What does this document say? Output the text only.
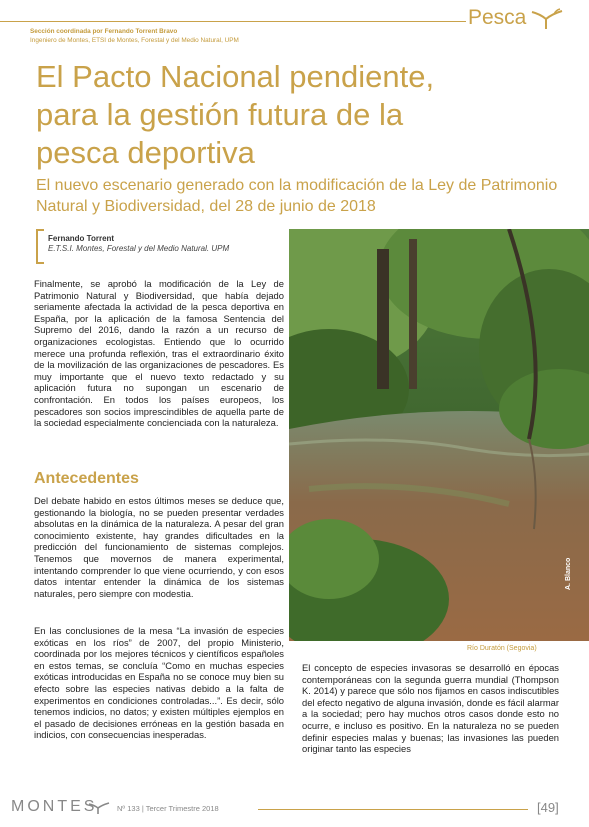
Sección coordinada por Fernando Torrent Bravo
Ingeniero de Montes, ETSI de Montes, Forestal y del Medio Natural, UPM
Pesca
El Pacto Nacional pendiente,
para la gestión futura de la
pesca deportiva
El nuevo escenario generado con la modificación de la Ley de Patrimonio Natural y Biodiversidad, del 28 de junio de 2018
Fernando Torrent
E.T.S.I. Montes, Forestal y del Medio Natural. UPM

Finalmente, se aprobó la modificación de la Ley de Patrimonio Natural y Biodiversidad, que había dejado seriamente afectada la actividad de la pesca deportiva en España, por la aplicación de la famosa Sentencia del Supremo del 2016, dando la razón a un recurso de organizaciones ecologistas. Entiendo que lo ocurrido merece una profunda reflexión, tras el extraordinario éxito de la movilización de las organizaciones de pescadores. Es muy importante que el nuevo texto redactado y su aplicación futura no supongan un escenario de confrontación. En todos los países europeos, los pescadores son socios imprescindibles de aquella parte de la sociedad especialmente concienciada con la naturaleza.

Antecedentes

Del debate habido en estos últimos meses se deduce que, gestionando la biología, no se pueden presentar verdades absolutas en la dinámica de la naturaleza. A pesar del gran conocimiento existente, hay grandes dificultades en la predicción del funcionamiento de sistemas complejos. Tenemos que movernos de manera experimental, intentando comprender lo que viene ocurriendo, y con esos datos intentar entender la dinámica de los sistemas naturales, pero siempre con modestia.

En las conclusiones de la mesa “La invasión de especies exóticas en los ríos” de 2007, del propio Ministerio, coordinada por los mejores técnicos y científicos españoles en estos temas, se concluía “Como en muchas especies exóticas introducidas en España no se conoce muy bien su efecto sobre las especies nativas debido a la falta de experimentos en condiciones controladas...”. Es decir, sólo tenemos indicios, no datos; y existen múltiples ejemplos en el pasado de decisiones erróneas en la gestión basada en indicios, con consecuencias inesperadas.

A. Blanco
Río Duratón (Segovia)

El concepto de especies invasoras se desarrolló en épocas contemporáneas con la segunda guerra mundial (Thompson K. 2014) y parece que sólo nos fijamos en casos indiscutibles del efecto negativo de alguna invasión, donde es fácil alarmar a la sociedad; pero hay muchos otros casos donde esto no ocurre, e incluso es positivo. En la naturaleza no se pueden definir especies malas y buenas; las invasiones las pueden originar tanto las especies

MONTES	Nº 133 | Tercer Trimestre 2018	[49]
